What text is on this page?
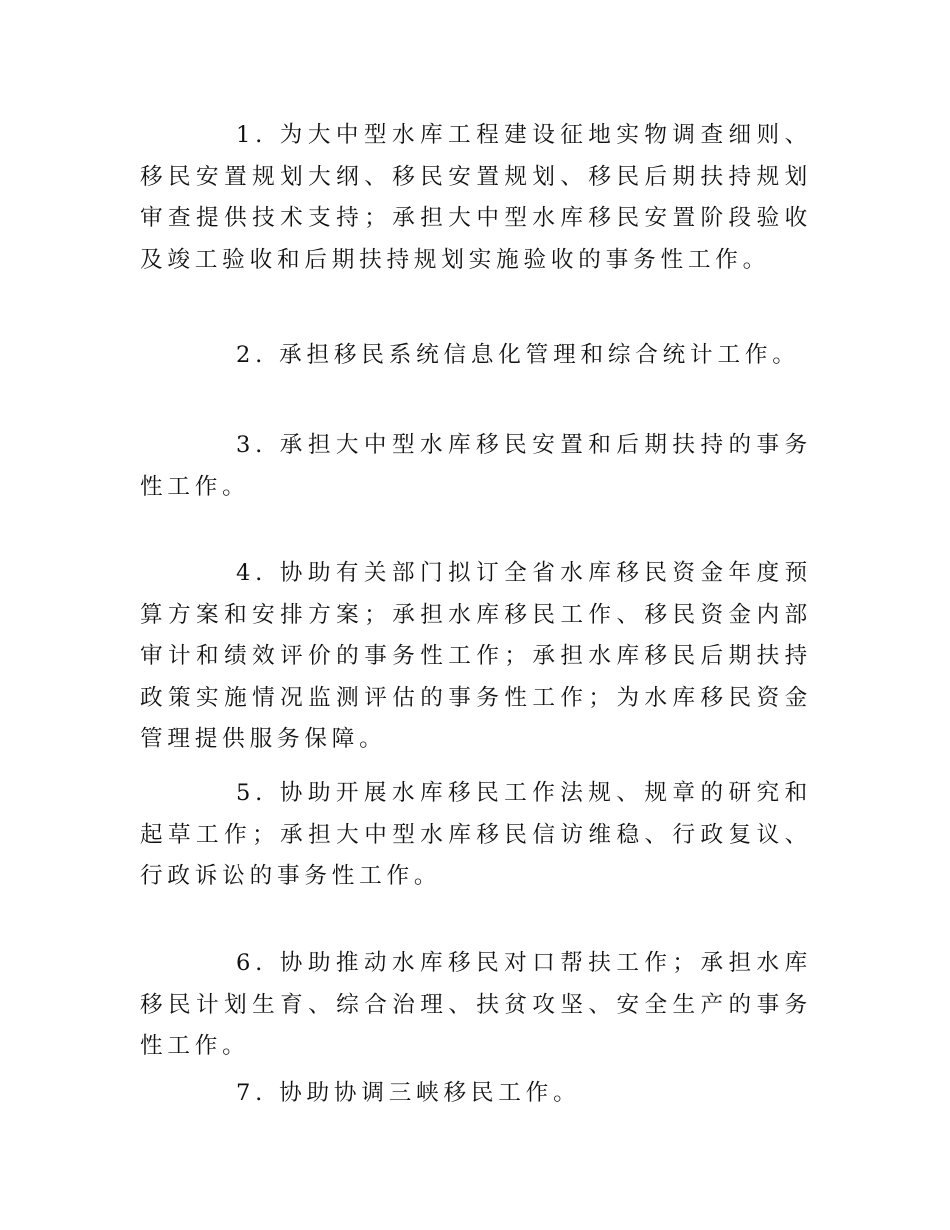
1. 为大中型水库工程建设征地实物调查细则、移民安置规划大纲、移民安置规划、移民后期扶持规划审查提供技术支持；承担大中型水库移民安置阶段验收及竣工验收和后期扶持规划实施验收的事务性工作。

2. 承担移民系统信息化管理和综合统计工作。

3. 承担大中型水库移民安置和后期扶持的事务性工作。

4. 协助有关部门拟订全省水库移民资金年度预算方案和安排方案；承担水库移民工作、移民资金内部审计和绩效评价的事务性工作；承担水库移民后期扶持政策实施情况监测评估的事务性工作；为水库移民资金管理提供服务保障。

5. 协助开展水库移民工作法规、规章的研究和起草工作；承担大中型水库移民信访维稳、行政复议、行政诉讼的事务性工作。

6. 协助推动水库移民对口帮扶工作；承担水库移民计划生育、综合治理、扶贫攻坚、安全生产的事务性工作。

7. 协助协调三峡移民工作。
